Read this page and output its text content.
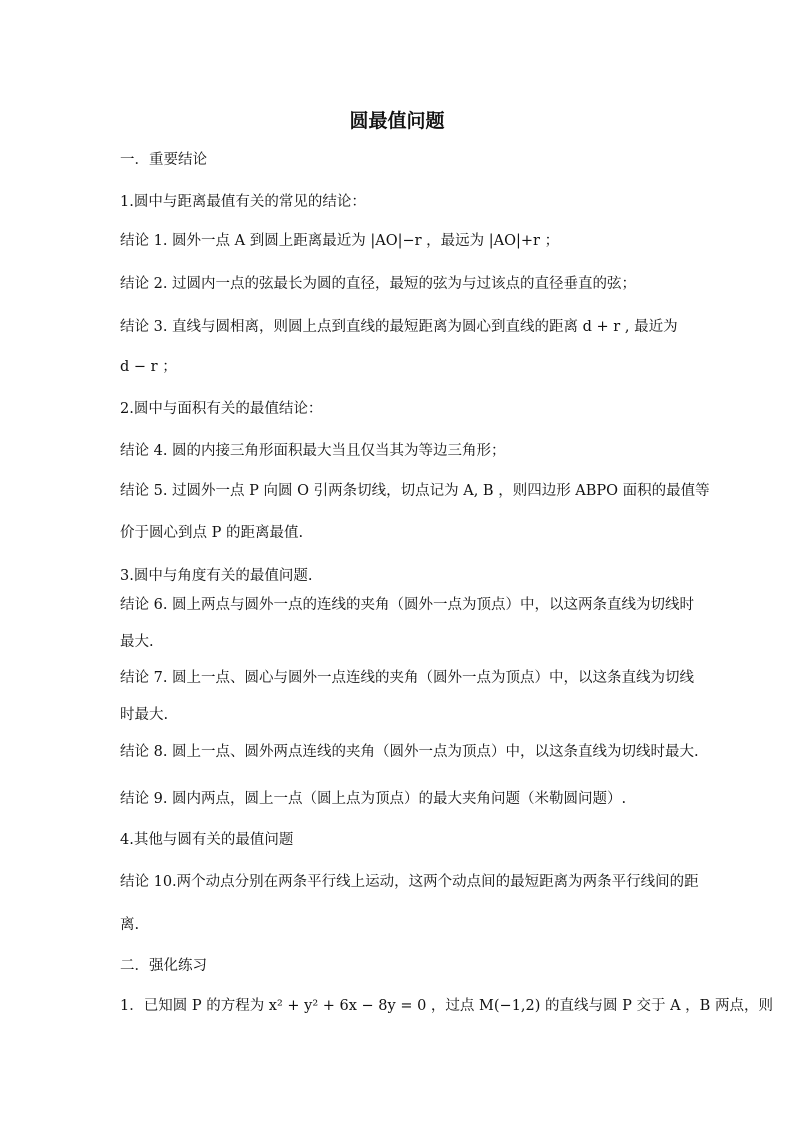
圆最值问题
一．重要结论
1.圆中与距离最值有关的常见的结论：
结论 1. 圆外一点 A 到圆上距离最近为 |AO|−r ，最远为 |AO|+r ；
结论 2. 过圆内一点的弦最长为圆的直径，最短的弦为与过该点的直径垂直的弦；
结论 3. 直线与圆相离，则圆上点到直线的最短距离为圆心到直线的距离 d + r , 最近为
d − r ；
2.圆中与面积有关的最值结论：
结论 4. 圆的内接三角形面积最大当且仅当其为等边三角形；
结论 5. 过圆外一点 P 向圆 O 引两条切线，切点记为 A, B ，则四边形 ABPO 面积的最值等
价于圆心到点 P 的距离最值.
3.圆中与角度有关的最值问题.
结论 6. 圆上两点与圆外一点的连线的夹角（圆外一点为顶点）中，以这两条直线为切线时
最大.
结论 7. 圆上一点、圆心与圆外一点连线的夹角（圆外一点为顶点）中，以这条直线为切线
时最大.
结论 8. 圆上一点、圆外两点连线的夹角（圆外一点为顶点）中，以这条直线为切线时最大.
结论 9. 圆内两点，圆上一点（圆上点为顶点）的最大夹角问题（米勒圆问题）.
4.其他与圆有关的最值问题
结论 10.两个动点分别在两条平行线上运动，这两个动点间的最短距离为两条平行线间的距
离.
二．强化练习
1．已知圆 P 的方程为 x² + y² + 6x − 8y = 0 ，过点 M(−1,2) 的直线与圆 P 交于 A ，B 两点，则
